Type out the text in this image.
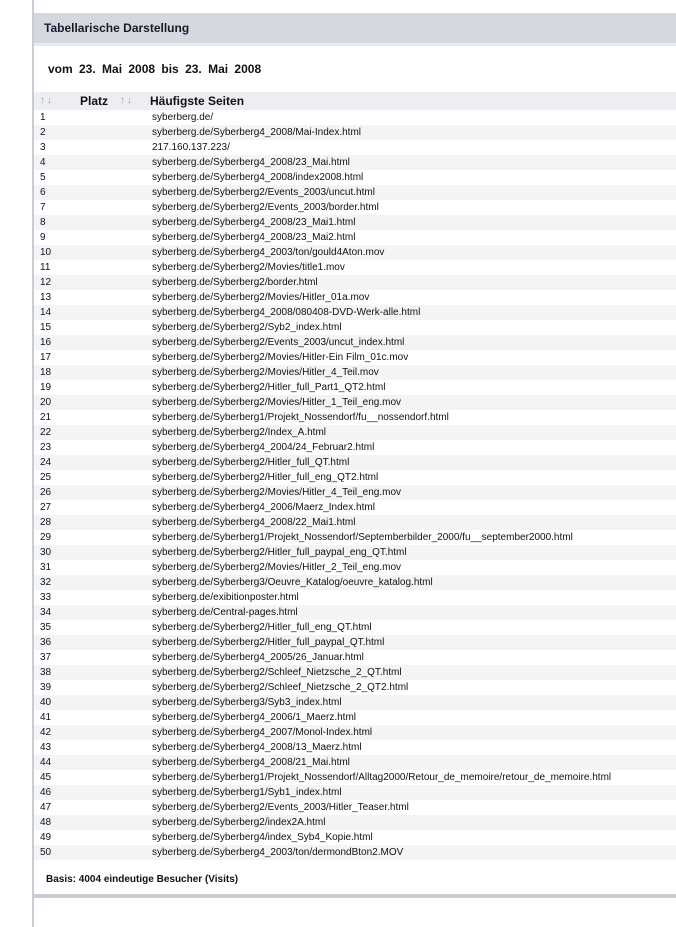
Tabellarische Darstellung
vom 23. Mai 2008 bis 23. Mai 2008
↑ ↓	Platz	↑ ↓	Häufigste Seiten
1			syberberg.de/
2			syberberg.de/Syberberg4_2008/Mai-Index.html
3			217.160.137.223/
4			syberberg.de/Syberberg4_2008/23_Mai.html
5			syberberg.de/Syberberg4_2008/index2008.html
6			syberberg.de/Syberberg2/Events_2003/uncut.html
7			syberberg.de/Syberberg2/Events_2003/border.html
8			syberberg.de/Syberberg4_2008/23_Mai1.html
9			syberberg.de/Syberberg4_2008/23_Mai2.html
10			syberberg.de/Syberberg4_2003/ton/gould4Aton.mov
11			syberberg.de/Syberberg2/Movies/title1.mov
12			syberberg.de/Syberberg2/border.html
13			syberberg.de/Syberberg2/Movies/Hitler_01a.mov
14			syberberg.de/Syberberg4_2008/080408-DVD-Werk-alle.html
15			syberberg.de/Syberberg2/Syb2_index.html
16			syberberg.de/Syberberg2/Events_2003/uncut_index.html
17			syberberg.de/Syberberg2/Movies/Hitler-Ein Film_01c.mov
18			syberberg.de/Syberberg2/Movies/Hitler_4_Teil.mov
19			syberberg.de/Syberberg2/Hitler_full_Part1_QT2.html
20			syberberg.de/Syberberg2/Movies/Hitler_1_Teil_eng.mov
21			syberberg.de/Syberberg1/Projekt_Nossendorf/fu__nossendorf.html
22			syberberg.de/Syberberg2/Index_A.html
23			syberberg.de/Syberberg4_2004/24_Februar2.html
24			syberberg.de/Syberberg2/Hitler_full_QT.html
25			syberberg.de/Syberberg2/Hitler_full_eng_QT2.html
26			syberberg.de/Syberberg2/Movies/Hitler_4_Teil_eng.mov
27			syberberg.de/Syberberg4_2006/Maerz_Index.html
28			syberberg.de/Syberberg4_2008/22_Mai1.html
29			syberberg.de/Syberberg1/Projekt_Nossendorf/Septemberbilder_2000/fu__september2000.html
30			syberberg.de/Syberberg2/Hitler_full_paypal_eng_QT.html
31			syberberg.de/Syberberg2/Movies/Hitler_2_Teil_eng.mov
32			syberberg.de/Syberberg3/Oeuvre_Katalog/oeuvre_katalog.html
33			syberberg.de/exibitionposter.html
34			syberberg.de/Central-pages.html
35			syberberg.de/Syberberg2/Hitler_full_eng_QT.html
36			syberberg.de/Syberberg2/Hitler_full_paypal_QT.html
37			syberberg.de/Syberberg4_2005/26_Januar.html
38			syberberg.de/Syberberg2/Schleef_Nietzsche_2_QT.html
39			syberberg.de/Syberberg2/Schleef_Nietzsche_2_QT2.html
40			syberberg.de/Syberberg3/Syb3_index.html
41			syberberg.de/Syberberg4_2006/1_Maerz.html
42			syberberg.de/Syberberg4_2007/Monol-Index.html
43			syberberg.de/Syberberg4_2008/13_Maerz.html
44			syberberg.de/Syberberg4_2008/21_Mai.html
45			syberberg.de/Syberberg1/Projekt_Nossendorf/Alltag2000/Retour_de_memoire/retour_de_memoire.html
46			syberberg.de/Syberberg1/Syb1_index.html
47			syberberg.de/Syberberg2/Events_2003/Hitler_Teaser.html
48			syberberg.de/Syberberg2/index2A.html
49			syberberg.de/Syberberg4/index_Syb4_Kopie.html
50			syberberg.de/Syberberg4_2003/ton/dermondBton2.MOV
Basis: 4004 eindeutige Besucher (Visits)
